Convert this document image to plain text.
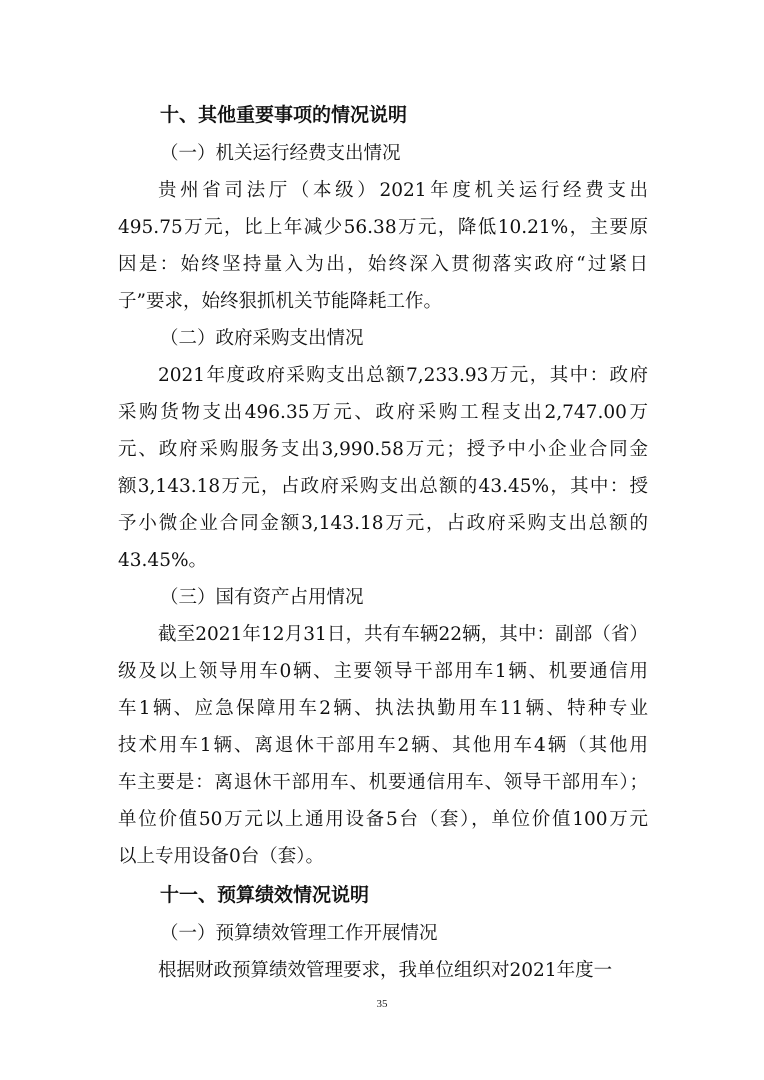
十、其他重要事项的情况说明
（一）机关运行经费支出情况
贵州省司法厅（本级）2021年度机关运行经费支出
495.75万元，比上年减少56.38万元，降低10.21%，主要原
因是：始终坚持量入为出，始终深入贯彻落实政府“过紧日
子”要求，始终狠抓机关节能降耗工作。
（二）政府采购支出情况
2021年度政府采购支出总额7,233.93万元，其中：政府
采购货物支出496.35万元、政府采购工程支出2,747.00万
元、政府采购服务支出3,990.58万元；授予中小企业合同金
额3,143.18万元，占政府采购支出总额的43.45%，其中：授
予小微企业合同金额3,143.18万元，占政府采购支出总额的
43.45%。
（三）国有资产占用情况
截至2021年12月31日，共有车辆22辆，其中：副部（省）
级及以上领导用车0辆、主要领导干部用车1辆、机要通信用
车1辆、应急保障用车2辆、执法执勤用车11辆、特种专业
技术用车1辆、离退休干部用车2辆、其他用车4辆（其他用
车主要是：离退休干部用车、机要通信用车、领导干部用车）；
单位价值50万元以上通用设备5台（套），单位价值100万元
以上专用设备0台（套）。
十一、预算绩效情况说明
（一）预算绩效管理工作开展情况
根据财政预算绩效管理要求，我单位组织对2021年度一
35
